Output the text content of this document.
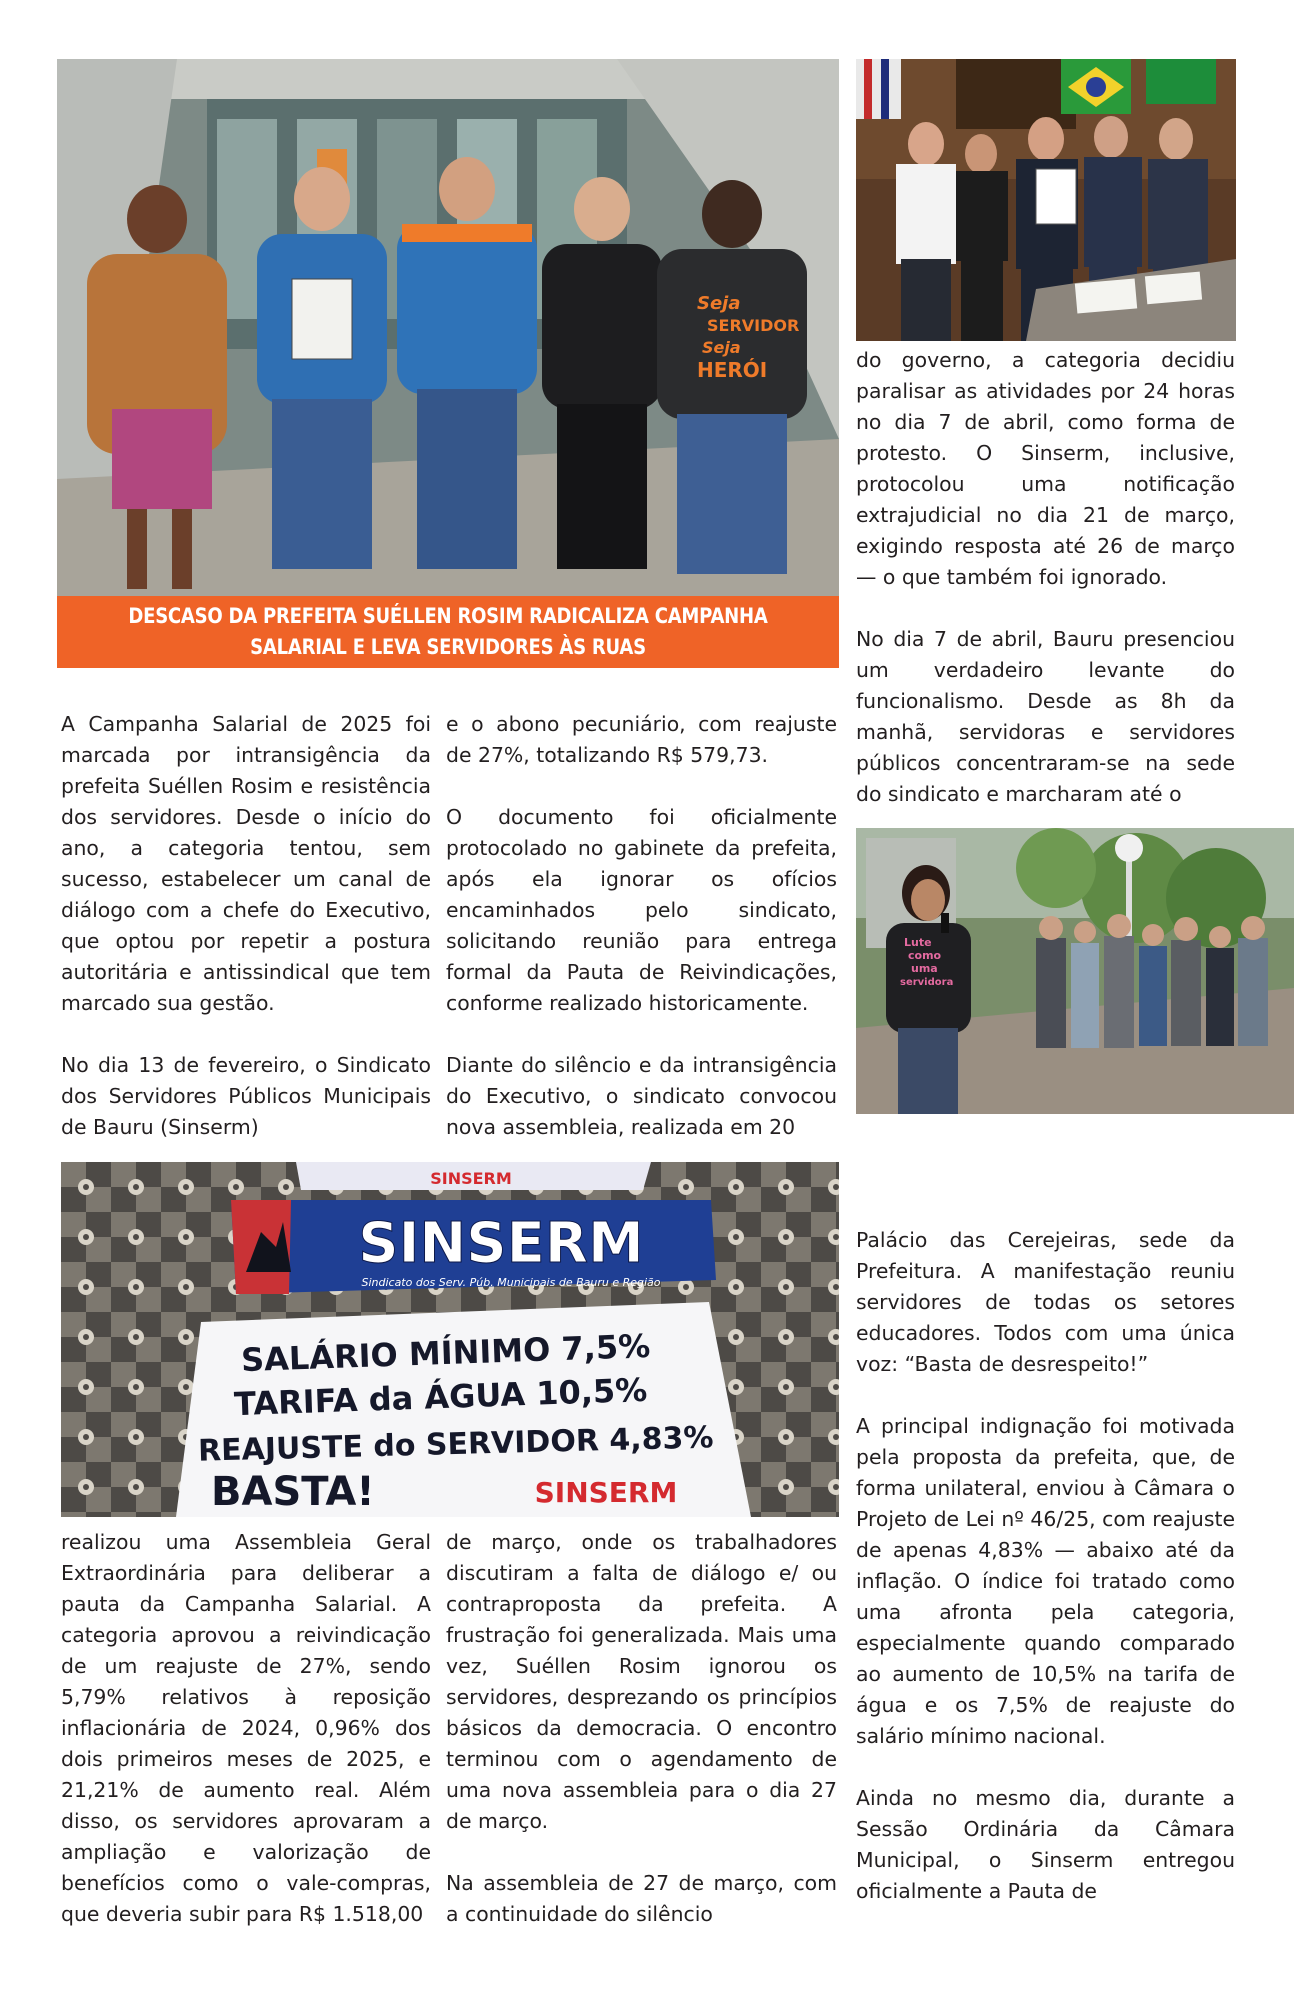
Seja
SERVIDOR
Seja
HERÓI
DESCASO DA PREFEITA SUÉLLEN ROSIM RADICALIZA CAMPANHA SALARIAL E LEVA SERVIDORES ÀS RUAS
Lute
como
uma
servidora
SINSERM
SINSERM
Sindicato dos Serv. Púb. Municipais de Bauru e Região
SALÁRIO MÍNIMO 7,5%
TARIFA da ÁGUA 10,5%
REAJUSTE do SERVIDOR 4,83%
BASTA!	SINSERM

A Campanha Salarial de 2025 foi marcada por intransigência da prefeita Suéllen Rosim e resistência dos servidores. Desde o início do ano, a categoria tentou, sem sucesso, estabelecer um canal de diálogo com a chefe do Executivo, que optou por repetir a postura autoritária e antissindical que tem marcado sua gestão.

No dia 13 de fevereiro, o Sindicato dos Servidores Públicos Municipais de Bauru (Sinserm)

e o abono pecuniário, com reajuste de 27%, totalizando R$ 579,73.

O documento foi oficialmente protocolado no gabinete da prefeita, após ela ignorar os ofícios encaminhados pelo sindicato, solicitando reunião para entrega formal da Pauta de Reivindicações, conforme realizado historicamente.

Diante do silêncio e da intransigência do Executivo, o sindicato convocou nova assembleia, realizada em 20

do governo, a categoria decidiu paralisar as atividades por 24 horas no dia 7 de abril, como forma de protesto. O Sinserm, inclusive, protocolou uma notificação extrajudicial no dia 21 de março, exigindo resposta até 26 de março — o que também foi ignorado.

No dia 7 de abril, Bauru presenciou um verdadeiro levante do funcionalismo. Desde as 8h da manhã, servidoras e servidores públicos concentraram-se na sede do sindicato e marcharam até o

realizou uma Assembleia Geral Extraordinária para deliberar a pauta da Campanha Salarial. A categoria aprovou a reivindicação de um reajuste de 27%, sendo 5,79% relativos à reposição inflacionária de 2024, 0,96% dos dois primeiros meses de 2025, e 21,21% de aumento real. Além disso, os servidores aprovaram a ampliação e valorização de benefícios como o vale-compras, que deveria subir para R$ 1.518,00

de março, onde os trabalhadores discutiram a falta de diálogo e/ ou contraproposta da prefeita. A frustração foi generalizada. Mais uma vez, Suéllen Rosim ignorou os servidores, desprezando os princípios básicos da democracia. O encontro terminou com o agendamento de uma nova assembleia para o dia 27 de março.

Na assembleia de 27 de março, com a continuidade do silêncio

Palácio das Cerejeiras, sede da Prefeitura. A manifestação reuniu servidores de todas os setores educadores. Todos com uma única voz: “Basta de desrespeito!”

A principal indignação foi motivada pela proposta da prefeita, que, de forma unilateral, enviou à Câmara o Projeto de Lei nº 46/25, com reajuste de apenas 4,83% — abaixo até da inflação. O índice foi tratado como uma afronta pela categoria, especialmente quando comparado ao aumento de 10,5% na tarifa de água e os 7,5% de reajuste do salário mínimo nacional.

Ainda no mesmo dia, durante a Sessão Ordinária da Câmara Municipal, o Sinserm entregou oficialmente a Pauta de
